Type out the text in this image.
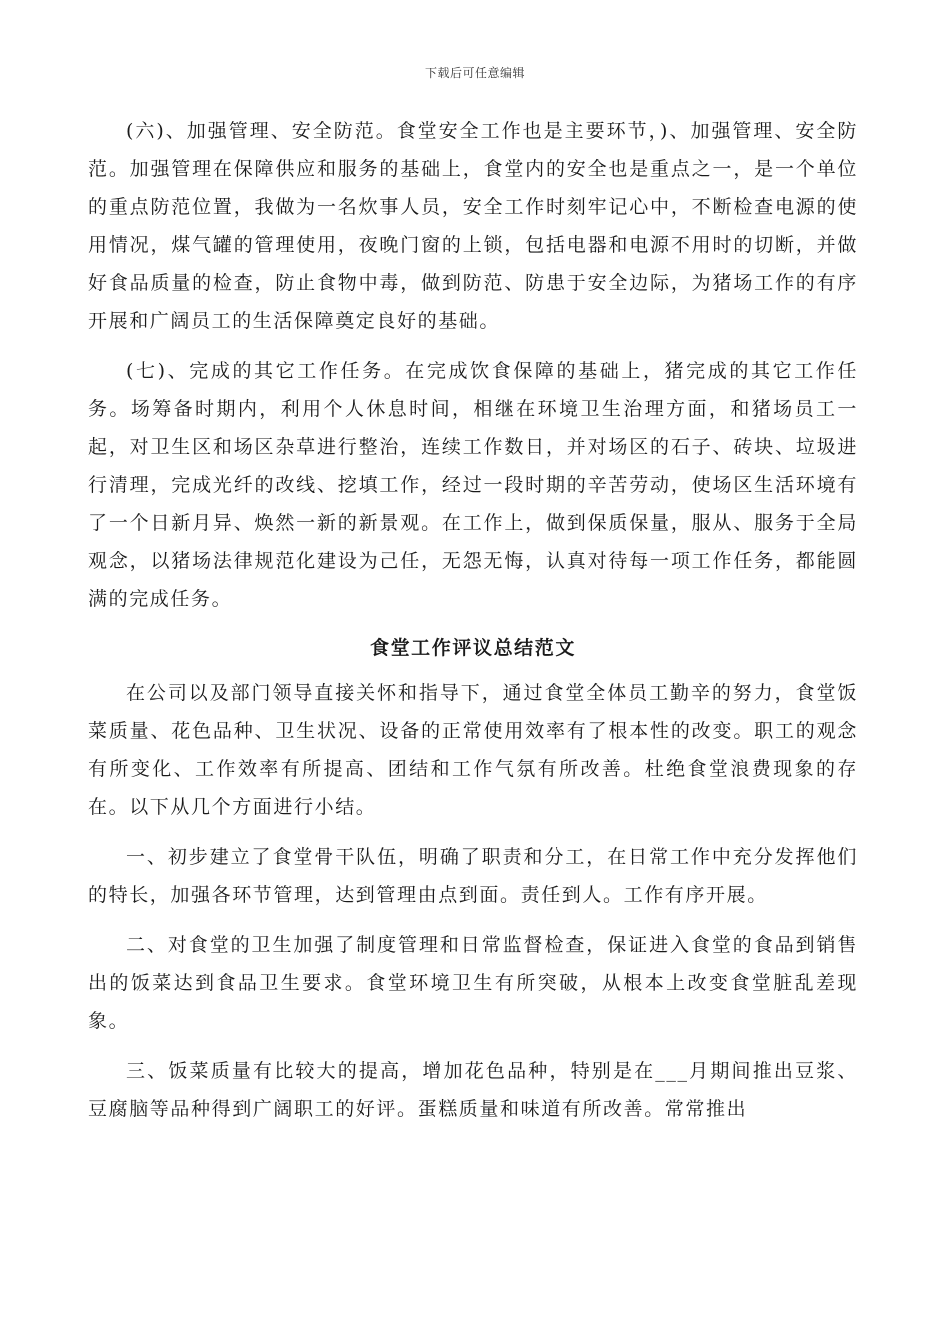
下载后可任意编辑

(六)、加强管理、安全防范。食堂安全工作也是主要环节，)、加强管理、安全防范。加强管理在保障供应和服务的基础上，食堂内的安全也是重点之一，是一个单位的重点防范位置，我做为一名炊事人员，安全工作时刻牢记心中，不断检查电源的使用情况，煤气罐的管理使用，夜晚门窗的上锁，包括电器和电源不用时的切断，并做好食品质量的检查，防止食物中毒，做到防范、防患于安全边际，为猪场工作的有序开展和广阔员工的生活保障奠定良好的基础。

(七)、完成的其它工作任务。在完成饮食保障的基础上，猪完成的其它工作任务。场筹备时期内，利用个人休息时间，相继在环境卫生治理方面，和猪场员工一起，对卫生区和场区杂草进行整治，连续工作数日，并对场区的石子、砖块、垃圾进行清理，完成光纤的改线、挖填工作，经过一段时期的辛苦劳动，使场区生活环境有了一个日新月异、焕然一新的新景观。在工作上，做到保质保量，服从、服务于全局观念，以猪场法律规范化建设为己任，无怨无悔，认真对待每一项工作任务，都能圆满的完成任务。

食堂工作评议总结范文

在公司以及部门领导直接关怀和指导下，通过食堂全体员工勤辛的努力，食堂饭菜质量、花色品种、卫生状况、设备的正常使用效率有了根本性的改变。职工的观念有所变化、工作效率有所提高、团结和工作气氛有所改善。杜绝食堂浪费现象的存在。以下从几个方面进行小结。

一、初步建立了食堂骨干队伍，明确了职责和分工，在日常工作中充分发挥他们的特长，加强各环节管理，达到管理由点到面。责任到人。工作有序开展。

二、对食堂的卫生加强了制度管理和日常监督检查，保证进入食堂的食品到销售出的饭菜达到食品卫生要求。食堂环境卫生有所突破，从根本上改变食堂脏乱差现象。

三、饭菜质量有比较大的提高，增加花色品种，特别是在___月期间推出豆浆、豆腐脑等品种得到广阔职工的好评。蛋糕质量和味道有所改善。常常推出
